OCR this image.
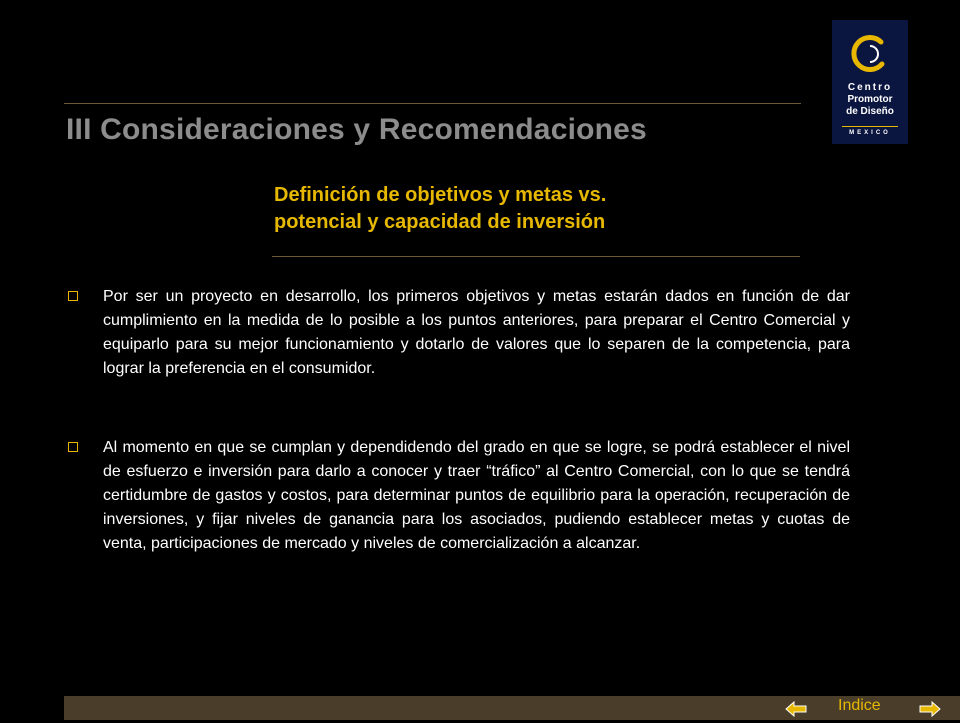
III Consideraciones y Recomendaciones
Centro
Promotor
de Diseño
MEXICO
Definición de objetivos y metas vs.
potencial y capacidad de inversión

Por ser un proyecto en desarrollo, los primeros objetivos y metas estarán dados en función de dar cumplimiento en la medida de lo posible a los puntos anteriores, para preparar el Centro Comercial y equiparlo para su mejor funcionamiento y dotarlo de valores que lo separen de la competencia, para lograr la preferencia en el consumidor.

Al momento en que se cumplan y dependidendo del grado en que se logre, se podrá establecer el nivel de esfuerzo e inversión para darlo a conocer y traer “tráfico” al Centro Comercial, con lo que se tendrá certidumbre de gastos y costos, para determinar puntos de equilibrio para la operación, recuperación de inversiones, y fijar niveles de ganancia para los asociados, pudiendo establecer metas y cuotas de venta, participaciones de mercado y niveles de comercialización a alcanzar.

Indice
